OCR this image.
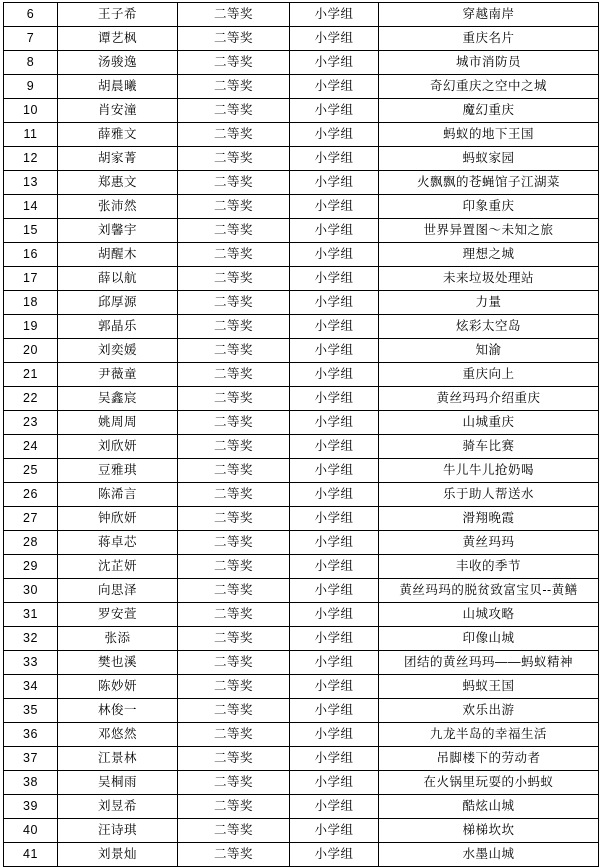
6	王子希	二等奖	小学组	穿越南岸
7	谭艺枫	二等奖	小学组	重庆名片
8	汤骏逸	二等奖	小学组	城市消防员
9	胡晨曦	二等奖	小学组	奇幻重庆之空中之城
10	肖安潼	二等奖	小学组	魔幻重庆
11	薛雅文	二等奖	小学组	蚂蚁的地下王国
12	胡家菁	二等奖	小学组	蚂蚁家园
13	郑惠文	二等奖	小学组	火飘飘的苍蝇馆子江湖菜
14	张沛然	二等奖	小学组	印象重庆
15	刘馨宇	二等奖	小学组	世界异置图～未知之旅
16	胡醒木	二等奖	小学组	理想之城
17	薛以航	二等奖	小学组	未来垃圾处理站
18	邱厚源	二等奖	小学组	力量
19	郭晶乐	二等奖	小学组	炫彩太空岛
20	刘奕媛	二等奖	小学组	知渝
21	尹薇童	二等奖	小学组	重庆向上
22	吴鑫宸	二等奖	小学组	黄丝玛玛介绍重庆
23	姚周周	二等奖	小学组	山城重庆
24	刘欣妍	二等奖	小学组	骑车比赛
25	豆雅琪	二等奖	小学组	牛儿牛儿抢奶喝
26	陈浠言	二等奖	小学组	乐于助人帮送水
27	钟欣妍	二等奖	小学组	滑翔晚霞
28	蒋卓芯	二等奖	小学组	黄丝玛玛
29	沈芷妍	二等奖	小学组	丰收的季节
30	向思泽	二等奖	小学组	黄丝玛玛的脱贫致富宝贝--黄鳝
31	罗安萱	二等奖	小学组	山城攻略
32	张添	二等奖	小学组	印像山城
33	樊也溪	二等奖	小学组	团结的黄丝玛玛——蚂蚁精神
34	陈妙妍	二等奖	小学组	蚂蚁王国
35	林俊一	二等奖	小学组	欢乐出游
36	邓悠然	二等奖	小学组	九龙半岛的幸福生活
37	江景林	二等奖	小学组	吊脚楼下的劳动者
38	吴桐雨	二等奖	小学组	在火锅里玩耍的小蚂蚁
39	刘昱希	二等奖	小学组	酷炫山城
40	汪诗琪	二等奖	小学组	梯梯坎坎
41	刘景灿	二等奖	小学组	水墨山城
